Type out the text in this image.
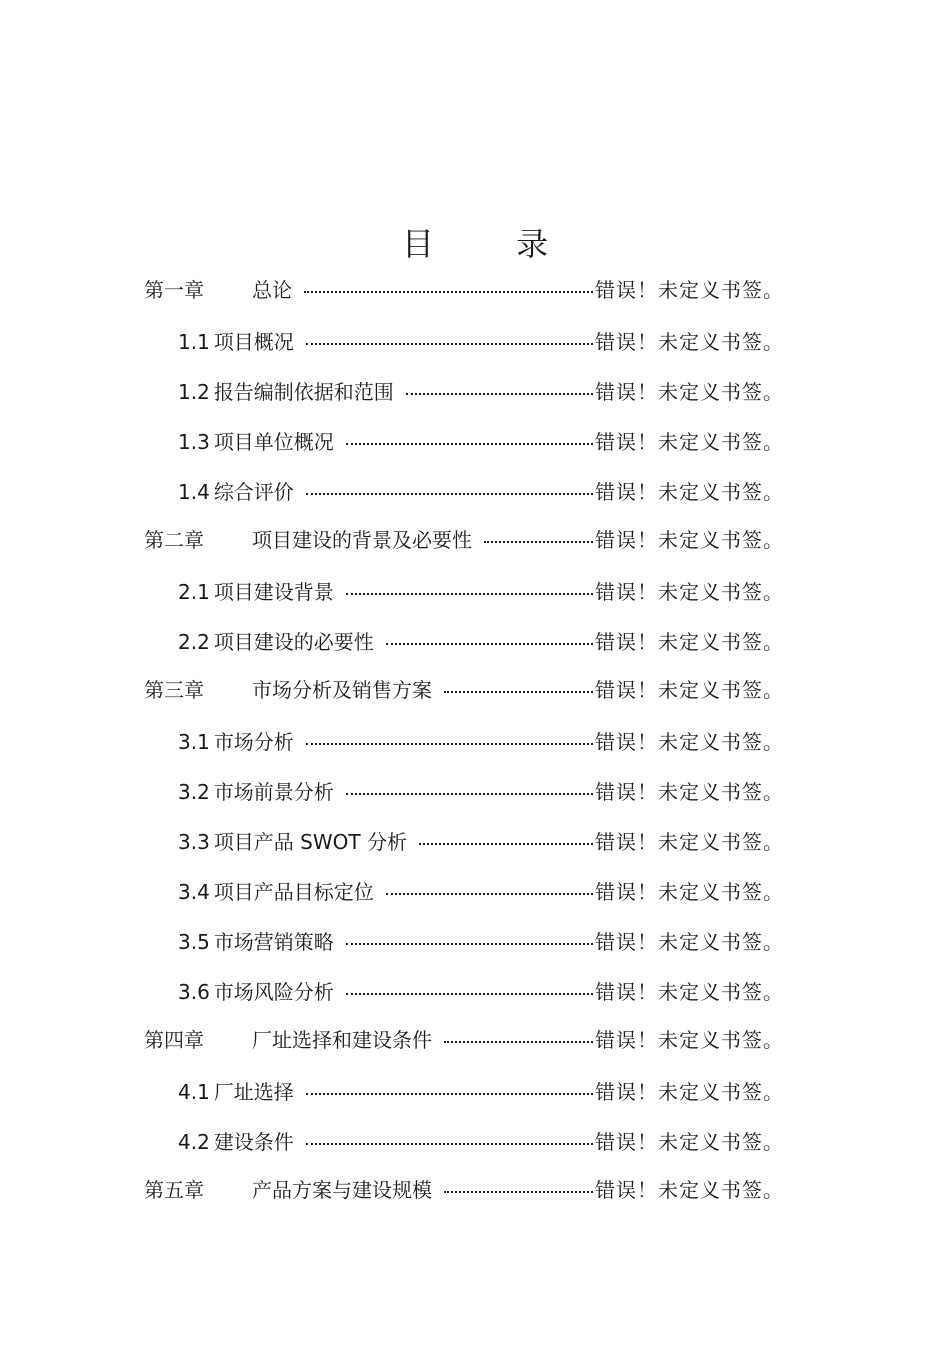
目 录
第一章	总论	错误！未定义书签。
1.1 项目概况	错误！未定义书签。
1.2 报告编制依据和范围	错误！未定义书签。
1.3 项目单位概况	错误！未定义书签。
1.4 综合评价	错误！未定义书签。
第二章	项目建设的背景及必要性	错误！未定义书签。
2.1 项目建设背景	错误！未定义书签。
2.2 项目建设的必要性	错误！未定义书签。
第三章	市场分析及销售方案	错误！未定义书签。
3.1 市场分析	错误！未定义书签。
3.2 市场前景分析	错误！未定义书签。
3.3 项目产品 SWOT 分析	错误！未定义书签。
3.4 项目产品目标定位	错误！未定义书签。
3.5 市场营销策略	错误！未定义书签。
3.6 市场风险分析	错误！未定义书签。
第四章	厂址选择和建设条件	错误！未定义书签。
4.1 厂址选择	错误！未定义书签。
4.2 建设条件	错误！未定义书签。
第五章	产品方案与建设规模	错误！未定义书签。
